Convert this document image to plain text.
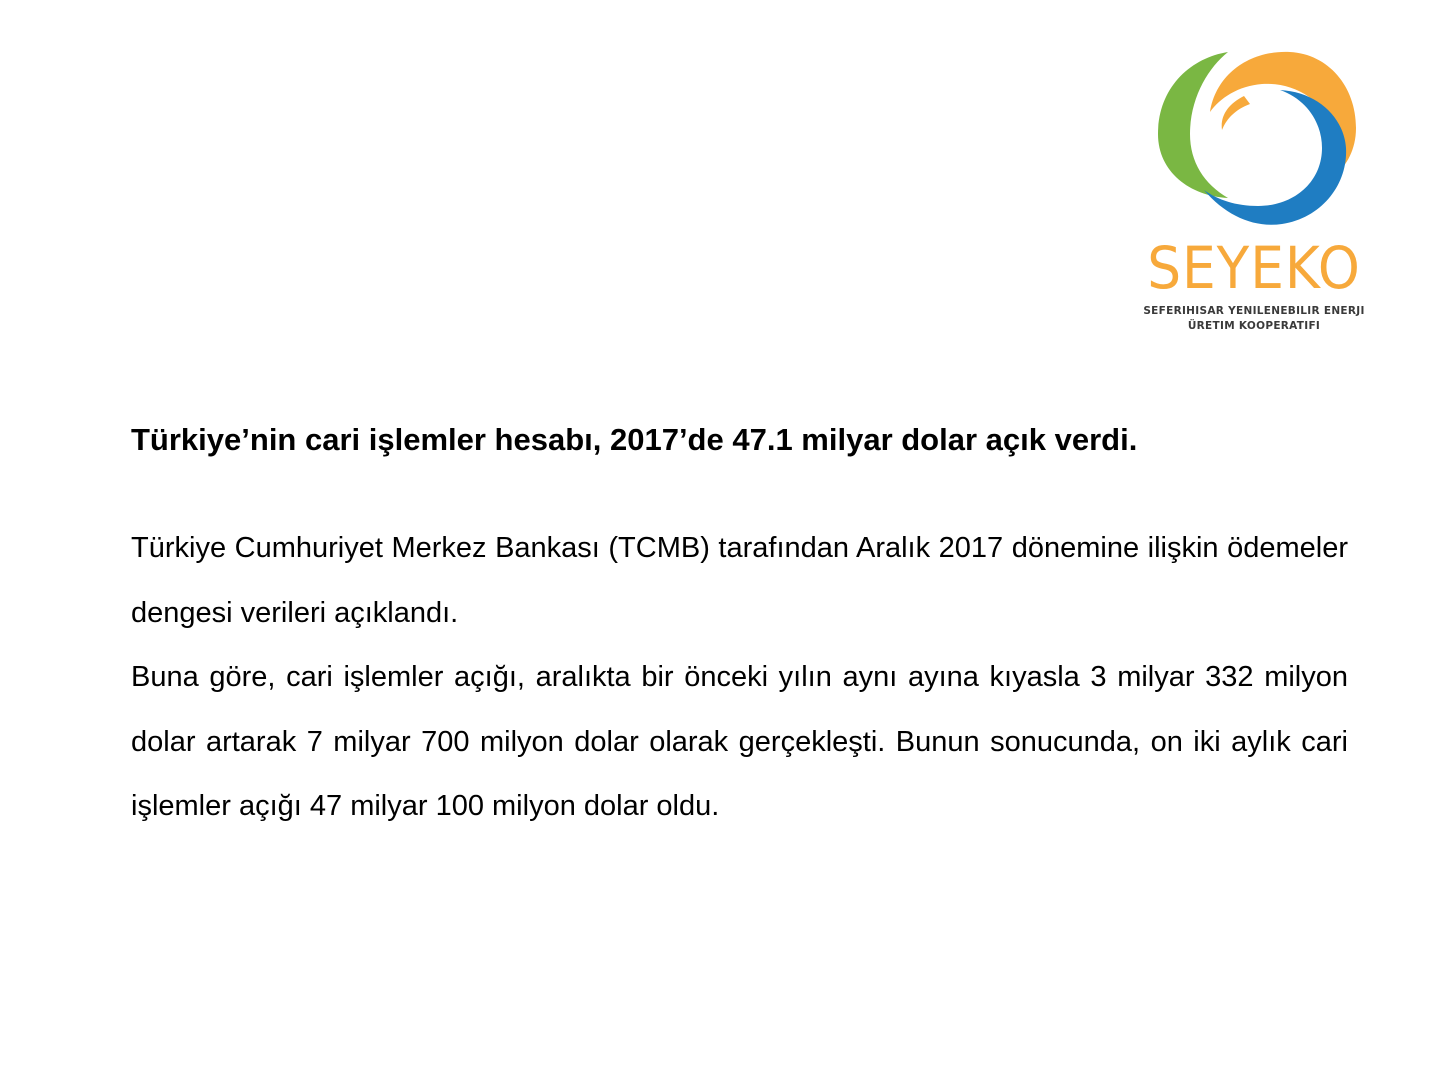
SEYEKO
SEFERIHISAR YENILENEBILIR ENERJI
ÜRETIM KOOPERATIFI
Türkiye’nin cari işlemler hesabı, 2017’de 47.1 milyar dolar açık verdi.

Türkiye Cumhuriyet Merkez Bankası (TCMB) tarafından Aralık 2017 dönemine ilişkin ödemeler dengesi verileri açıklandı.

Buna göre, cari işlemler açığı, aralıkta bir önceki yılın aynı ayına kıyasla 3 milyar 332 milyon dolar artarak 7 milyar 700 milyon dolar olarak gerçekleşti. Bunun sonucunda, on iki aylık cari işlemler açığı 47 milyar 100 milyon dolar oldu.
